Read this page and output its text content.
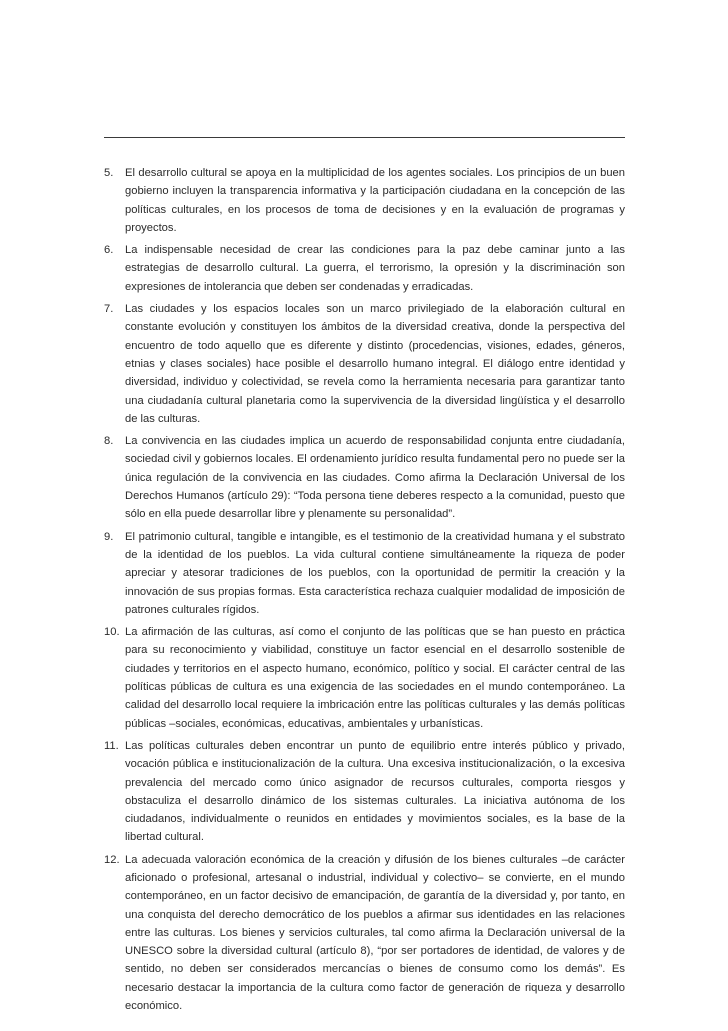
5.	El desarrollo cultural se apoya en la multiplicidad de los agentes sociales. Los principios de un buen gobierno incluyen la transparencia informativa y la participación ciudadana en la concepción de las políticas culturales, en los procesos de toma de decisiones y en la evaluación de programas y proyectos.
6.	La indispensable necesidad de crear las condiciones para la paz debe caminar junto a las estrategias de desarrollo cultural. La guerra, el terrorismo, la opresión y la discriminación son expresiones de intolerancia que deben ser condenadas y erradicadas.
7.	Las ciudades y los espacios locales son un marco privilegiado de la elaboración cultural en constante evolución y constituyen los ámbitos de la diversidad creativa, donde la perspectiva del encuentro de todo aquello que es diferente y distinto (procedencias, visiones, edades, géneros, etnias y clases sociales) hace posible el desarrollo humano integral. El diálogo entre identidad y diversidad, individuo y colectividad, se revela como la herramienta necesaria para garantizar tanto una ciudadanía cultural planetaria como la supervivencia de la diversidad lingüística y el desarrollo de las culturas.
8.	La convivencia en las ciudades implica un acuerdo de responsabilidad conjunta entre ciudadanía, sociedad civil y gobiernos locales. El ordenamiento jurídico resulta fundamental pero no puede ser la única regulación de la convivencia en las ciudades. Como afirma la Declaración Universal de los Derechos Humanos (artículo 29): “Toda persona tiene deberes respecto a la comunidad, puesto que sólo en ella puede desarrollar libre y plenamente su personalidad”.
9.	El patrimonio cultural, tangible e intangible, es el testimonio de la creatividad humana y el substrato de la identidad de los pueblos. La vida cultural contiene simultáneamente la riqueza de poder apreciar y atesorar tradiciones de los pueblos, con la oportunidad de permitir la creación y la innovación de sus propias formas. Esta característica rechaza cualquier modalidad de imposición de patrones culturales rígidos.
10. La afirmación de las culturas, así como el conjunto de las políticas que se han puesto en práctica para su reconocimiento y viabilidad, constituye un factor esencial en el desarrollo sostenible de ciudades y territorios en el aspecto humano, económico, político y social. El carácter central de las políticas públicas de cultura es una exigencia de las sociedades en el mundo contemporáneo. La calidad del desarrollo local requiere la imbricación entre las políticas culturales y las demás políticas públicas –sociales, económicas, educativas, ambientales y urbanísticas.
11. Las políticas culturales deben encontrar un punto de equilibrio entre interés público y privado, vocación pública e institucionalización de la cultura. Una excesiva institucionalización, o la excesiva prevalencia del mercado como único asignador de recursos culturales, comporta riesgos y obstaculiza el desarrollo dinámico de los sistemas culturales. La iniciativa autónoma de los ciudadanos, individualmente o reunidos en entidades y movimientos sociales, es la base de la libertad cultural.
12. La adecuada valoración económica de la creación y difusión de los bienes culturales –de carácter aficionado o profesional, artesanal o industrial, individual y colectivo– se convierte, en el mundo contemporáneo, en un factor decisivo de emancipación, de garantía de la diversidad y, por tanto, en una conquista del derecho democrático de los pueblos a afirmar sus identidades en las relaciones entre las culturas. Los bienes y servicios culturales, tal como afirma la Declaración universal de la UNESCO sobre la diversidad cultural (artículo 8), “por ser portadores de identidad, de valores y de sentido, no deben ser considerados mercancías o bienes de consumo como los demás”. Es necesario destacar la importancia de la cultura como factor de generación de riqueza y desarrollo económico.
